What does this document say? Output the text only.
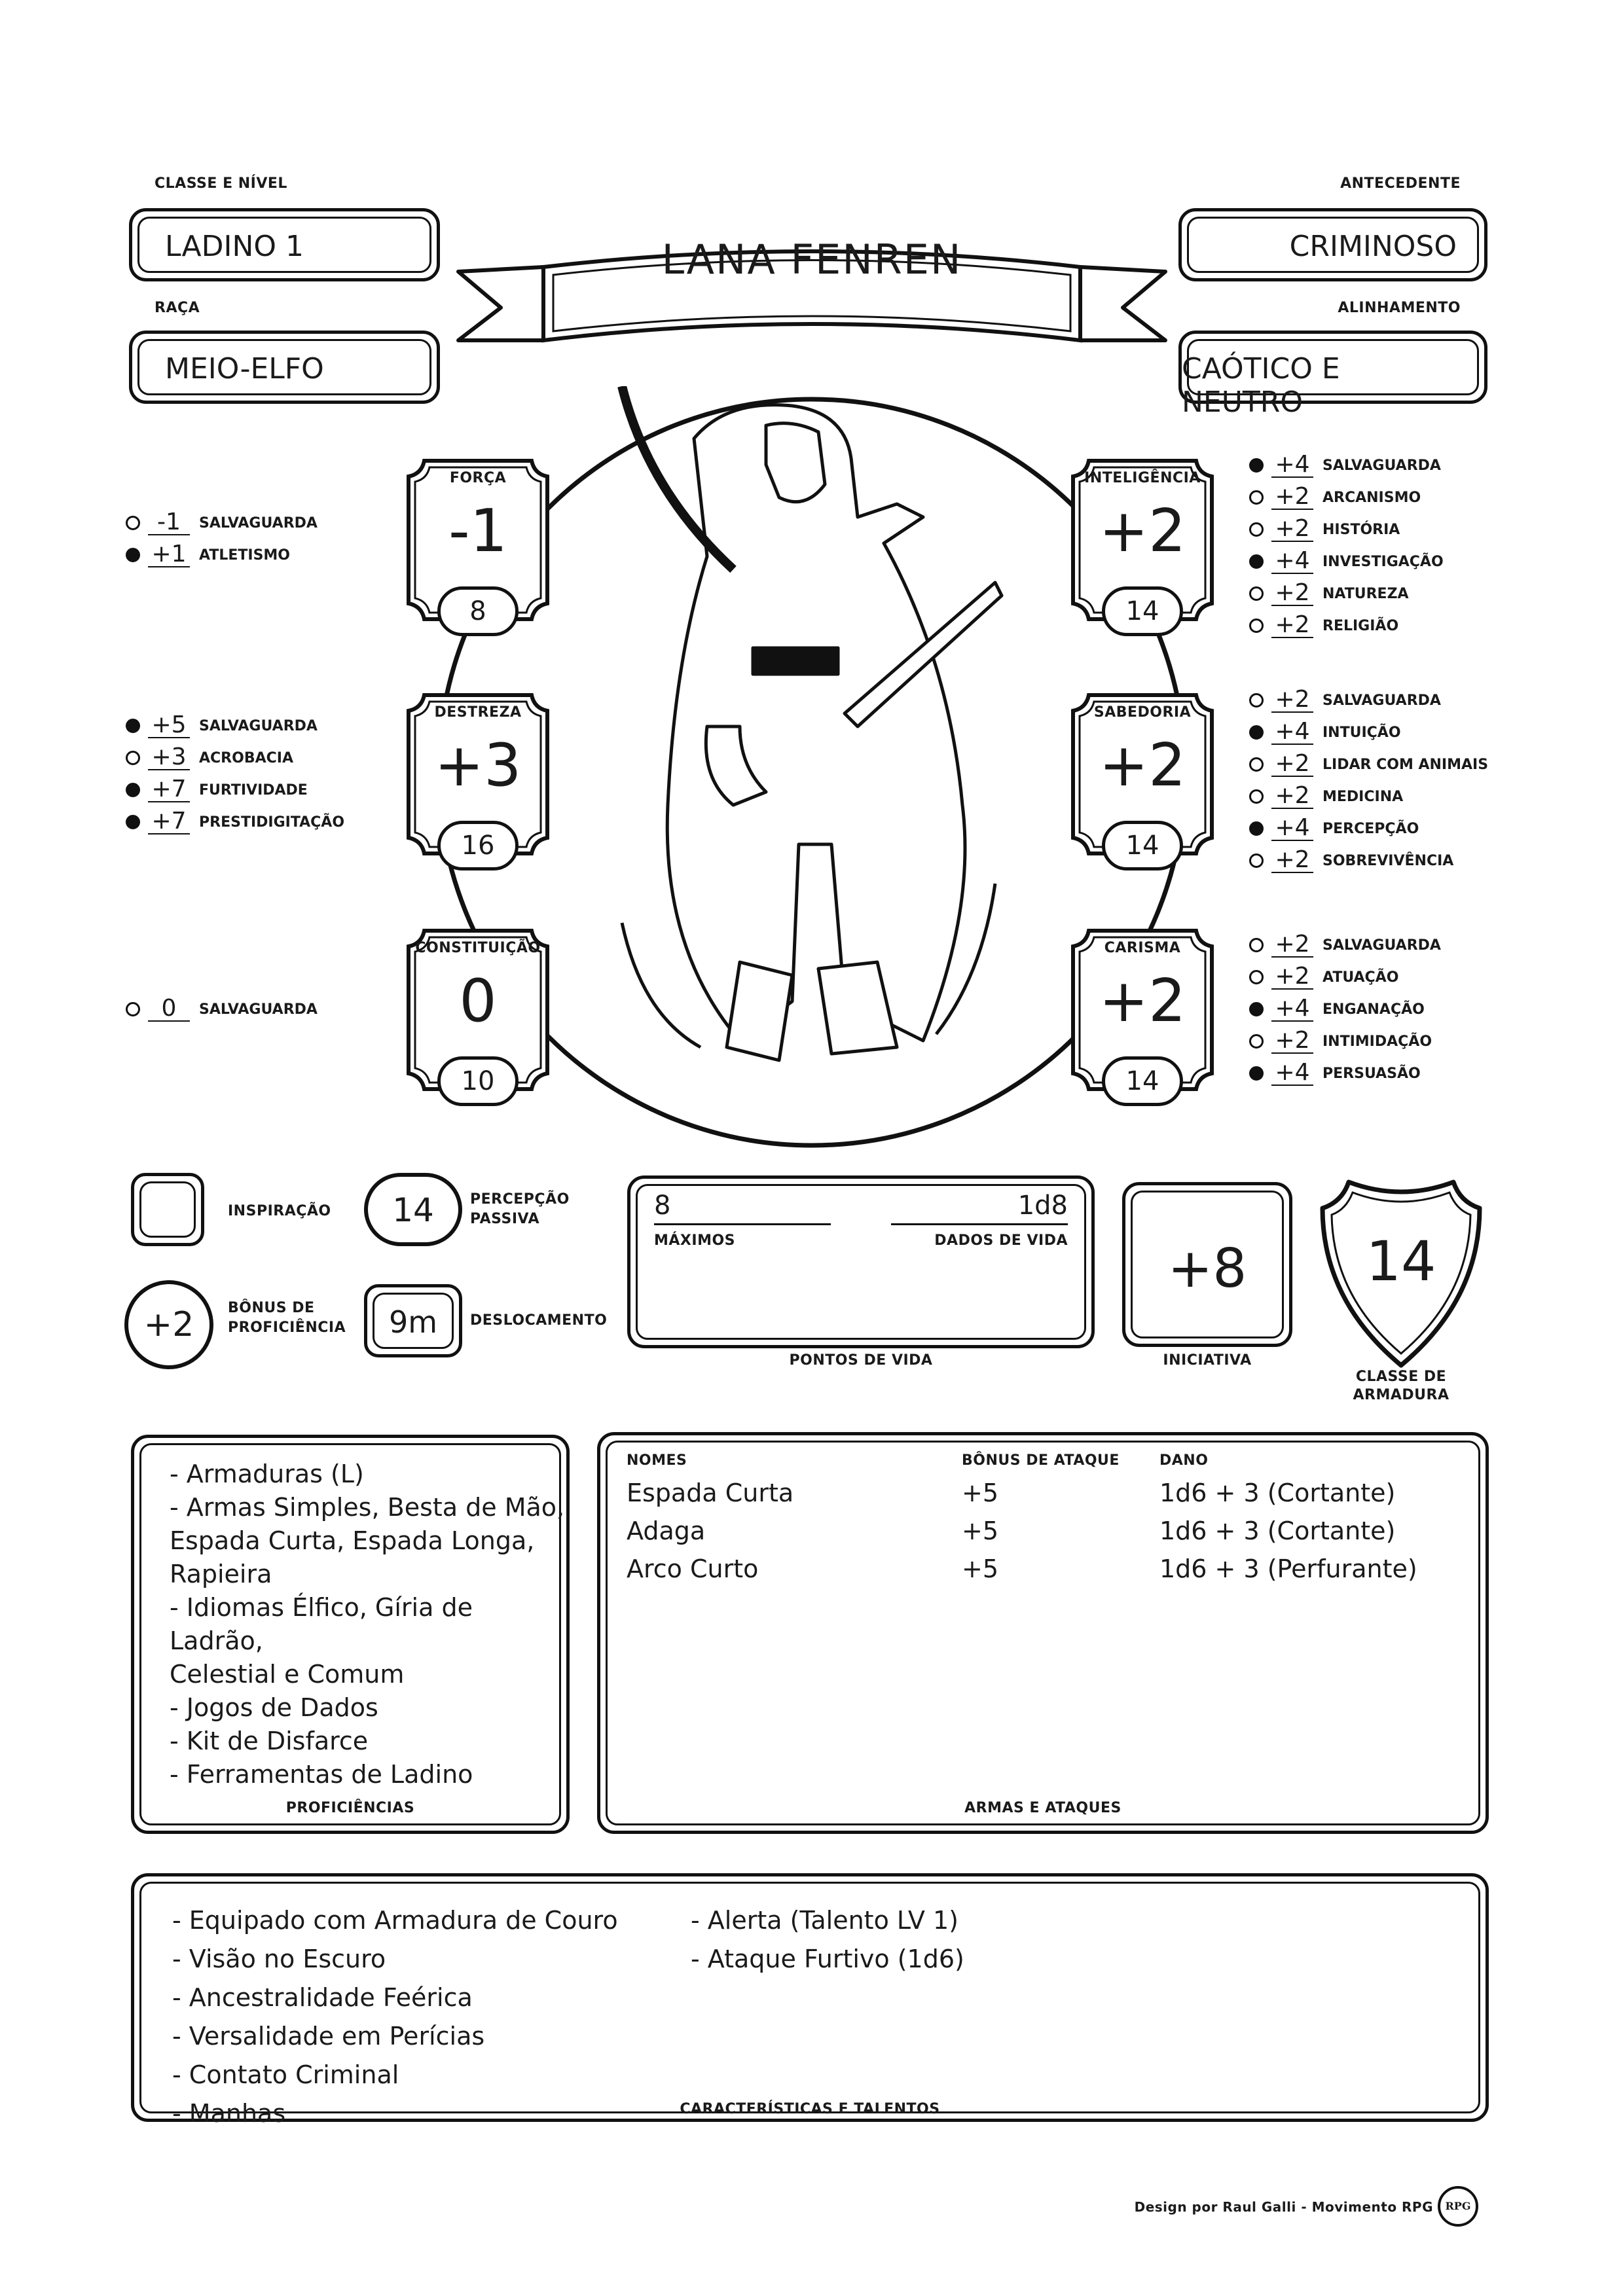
CLASSE E NÍVEL
LADINO 1
RAÇA
MEIO-ELFO
ANTECEDENTE
CRIMINOSO
ALINHAMENTO
CAÓTICO E NEUTRO
LANA FENREN
FORÇA
-1
8
DESTREZA
+3
16
CONSTITUIÇÃO
0
10
INTELIGÊNCIA
+2
14
SABEDORIA
+2
14
CARISMA
+2
14
-1	SALVAGUARDA
+1 ATLETISMO
+5 SALVAGUARDA
+3 ACROBACIA
+7 FURTIVIDADE
+7 PRESTIDIGITAÇÃO
0	SALVAGUARDA
+4 SALVAGUARDA
+2 ARCANISMO
+2 HISTÓRIA
+4 INVESTIGAÇÃO
+2 NATUREZA
+2 RELIGIÃO
+2 SALVAGUARDA
+4 INTUIÇÃO
+2 LIDAR COM ANIMAIS
+2 MEDICINA
+4 PERCEPÇÃO
+2 SOBREVIVÊNCIA
+2 SALVAGUARDA
+2 ATUAÇÃO
+4 ENGANAÇÃO
+2 INTIMIDAÇÃO
+4 PERSUASÃO
INSPIRAÇÃO	14	PERCEPÇÃO
PASSIVA
+2	BÔNUS DE
PROFICIÊNCIA	9m	DESLOCAMENTO
8	1d8
MÁXIMOS	DADOS DE VIDA
PONTOS DE VIDA
+8
INICIATIVA
14
CLASSE DE
ARMADURA
- Armaduras (L)
- Armas Simples, Besta de Mão,
Espada Curta, Espada Longa,
Rapieira
- Idiomas Élfico, Gíria de Ladrão,
Celestial e Comum
- Jogos de Dados
- Kit de Disfarce
- Ferramentas de Ladino
PROFICIÊNCIAS
NOMES	BÔNUS DE ATAQUE	DANO
Espada Curta	+5	1d6 + 3 (Cortante)
Adaga	+5	1d6 + 3 (Cortante)
Arco Curto	+5	1d6 + 3 (Perfurante)
ARMAS E ATAQUES
- Equipado com Armadura de Couro
- Visão no Escuro
- Ancestralidade Feérica
- Versalidade em Perícias
- Contato Criminal
- Manhas
- Alerta (Talento LV 1)
- Ataque Furtivo (1d6)
CARACTERÍSTICAS E TALENTOS
Design por Raul Galli - Movimento RPG	RPG
